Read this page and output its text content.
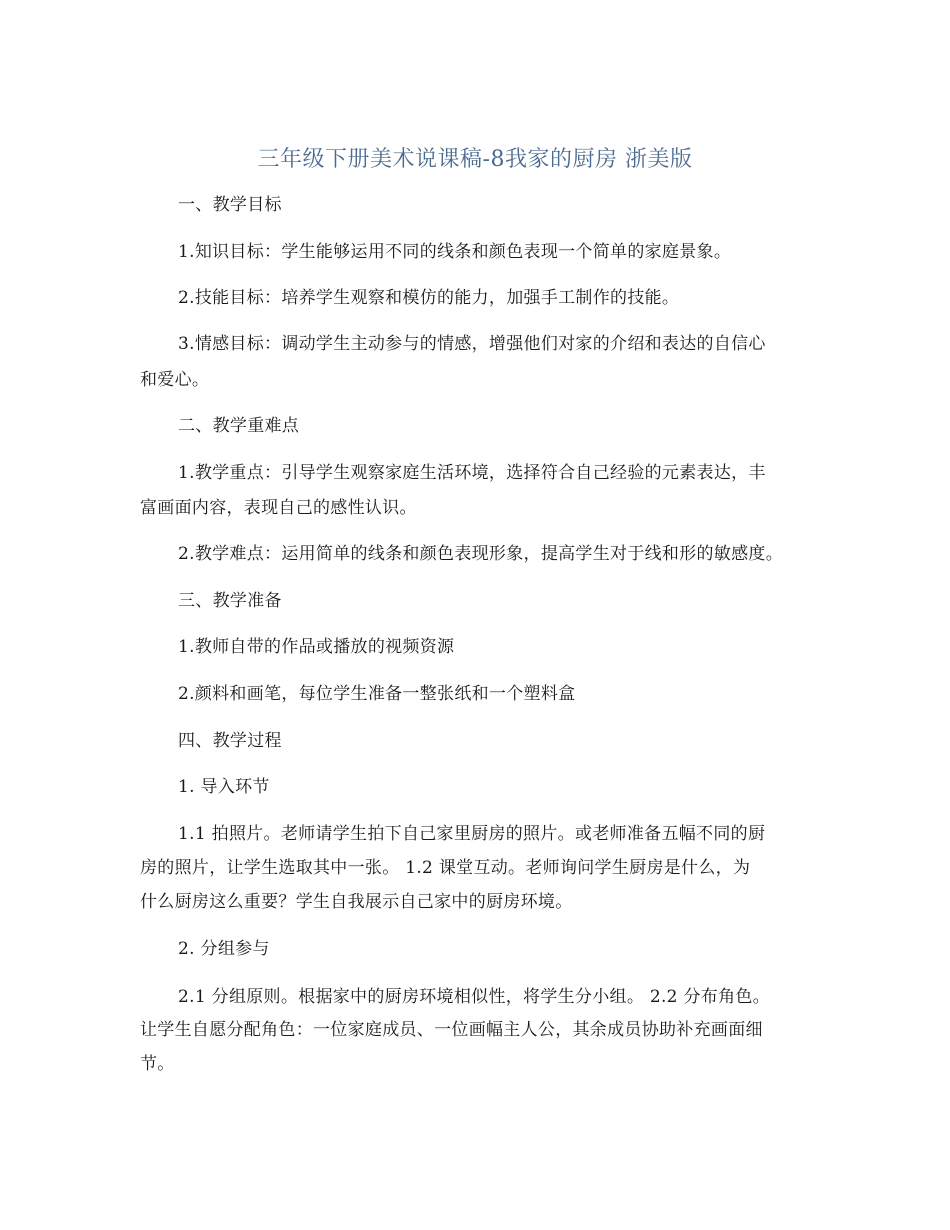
三年级下册美术说课稿-8我家的厨房 浙美版
一、教学目标
1.知识目标：学生能够运用不同的线条和颜色表现一个简单的家庭景象。
2.技能目标：培养学生观察和模仿的能力，加强手工制作的技能。
3.情感目标：调动学生主动参与的情感，增强他们对家的介绍和表达的自信心
和爱心。
二、教学重难点
1.教学重点：引导学生观察家庭生活环境，选择符合自己经验的元素表达，丰
富画面内容，表现自己的感性认识。
2.教学难点：运用简单的线条和颜色表现形象，提高学生对于线和形的敏感度。
三、教学准备
1.教师自带的作品或播放的视频资源
2.颜料和画笔，每位学生准备一整张纸和一个塑料盒
四、教学过程
1. 导入环节
1.1 拍照片。老师请学生拍下自己家里厨房的照片。或老师准备五幅不同的厨
房的照片，让学生选取其中一张。 1.2 课堂互动。老师询问学生厨房是什么，为
什么厨房这么重要？学生自我展示自己家中的厨房环境。
2. 分组参与
2.1 分组原则。根据家中的厨房环境相似性，将学生分小组。 2.2 分布角色。
让学生自愿分配角色：一位家庭成员、一位画幅主人公，其余成员协助补充画面细
节。
